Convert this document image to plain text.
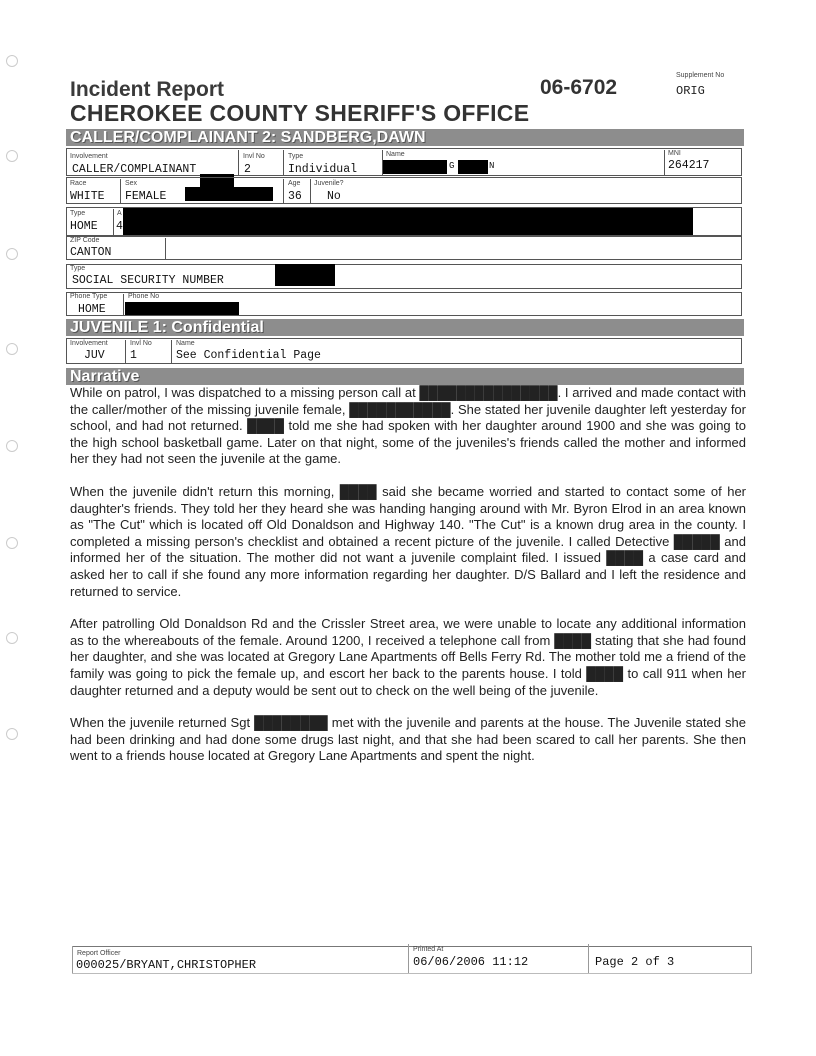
Incident Report
CHEROKEE COUNTY SHERIFF'S OFFICE
06-6702
Supplement No
ORIG
CALLER/COMPLAINANT 2: SANDBERG,DAWN
Involvement
CALLER/COMPLAINANT
Invl No
2
Type
Individual
Name
G	N
MNI
264217
Race
WHITE
Sex
FEMALE
Age
36
Juvenile?
No
Type
HOME
A
4
ZIP Code
CANTON
Type
SOCIAL SECURITY NUMBER
Phone Type
HOME
Phone No
JUVENILE 1: Confidential
Involvement
JUV
Invl No
1
Name
See Confidential Page
Narrative

While on patrol, I was dispatched to a missing person call at ███████████████. I arrived and made contact with the caller/mother of the missing juvenile female, ███████████. She stated her juvenile daughter left yesterday for school, and had not returned. ████ told me she had spoken with her daughter around 1900 and she was going to the high school basketball game. Later on that night, some of the juveniles's friends called the mother and informed her they had not seen the juvenile at the game.

When the juvenile didn't return this morning, ████ said she became worried and started to contact some of her daughter's friends. They told her they heard she was handing hanging around with Mr. Byron Elrod in an area known as "The Cut" which is located off Old Donaldson and Highway 140. "The Cut" is a known drug area in the county. I completed a missing person's checklist and obtained a recent picture of the juvenile. I called Detective █████ and informed her of the situation. The mother did not want a juvenile complaint filed. I issued ████ a case card and asked her to call if she found any more information regarding her daughter. D/S Ballard and I left the residence and returned to service.

After patrolling Old Donaldson Rd and the Crissler Street area, we were unable to locate any additional information as to the whereabouts of the female. Around 1200, I received a telephone call from ████ stating that she had found her daughter, and she was located at Gregory Lane Apartments off Bells Ferry Rd. The mother told me a friend of the family was going to pick the female up, and escort her back to the parents house. I told ████ to call 911 when her daughter returned and a deputy would be sent out to check on the well being of the juvenile.

When the juvenile returned Sgt ████████ met with the juvenile and parents at the house. The Juvenile stated she had been drinking and had done some drugs last night, and that she had been scared to call her parents. She then went to a friends house located at Gregory Lane Apartments and spent the night.

Report Officer
000025/BRYANT,CHRISTOPHER
Printed At
06/06/2006 11:12	Page 2 of 3
